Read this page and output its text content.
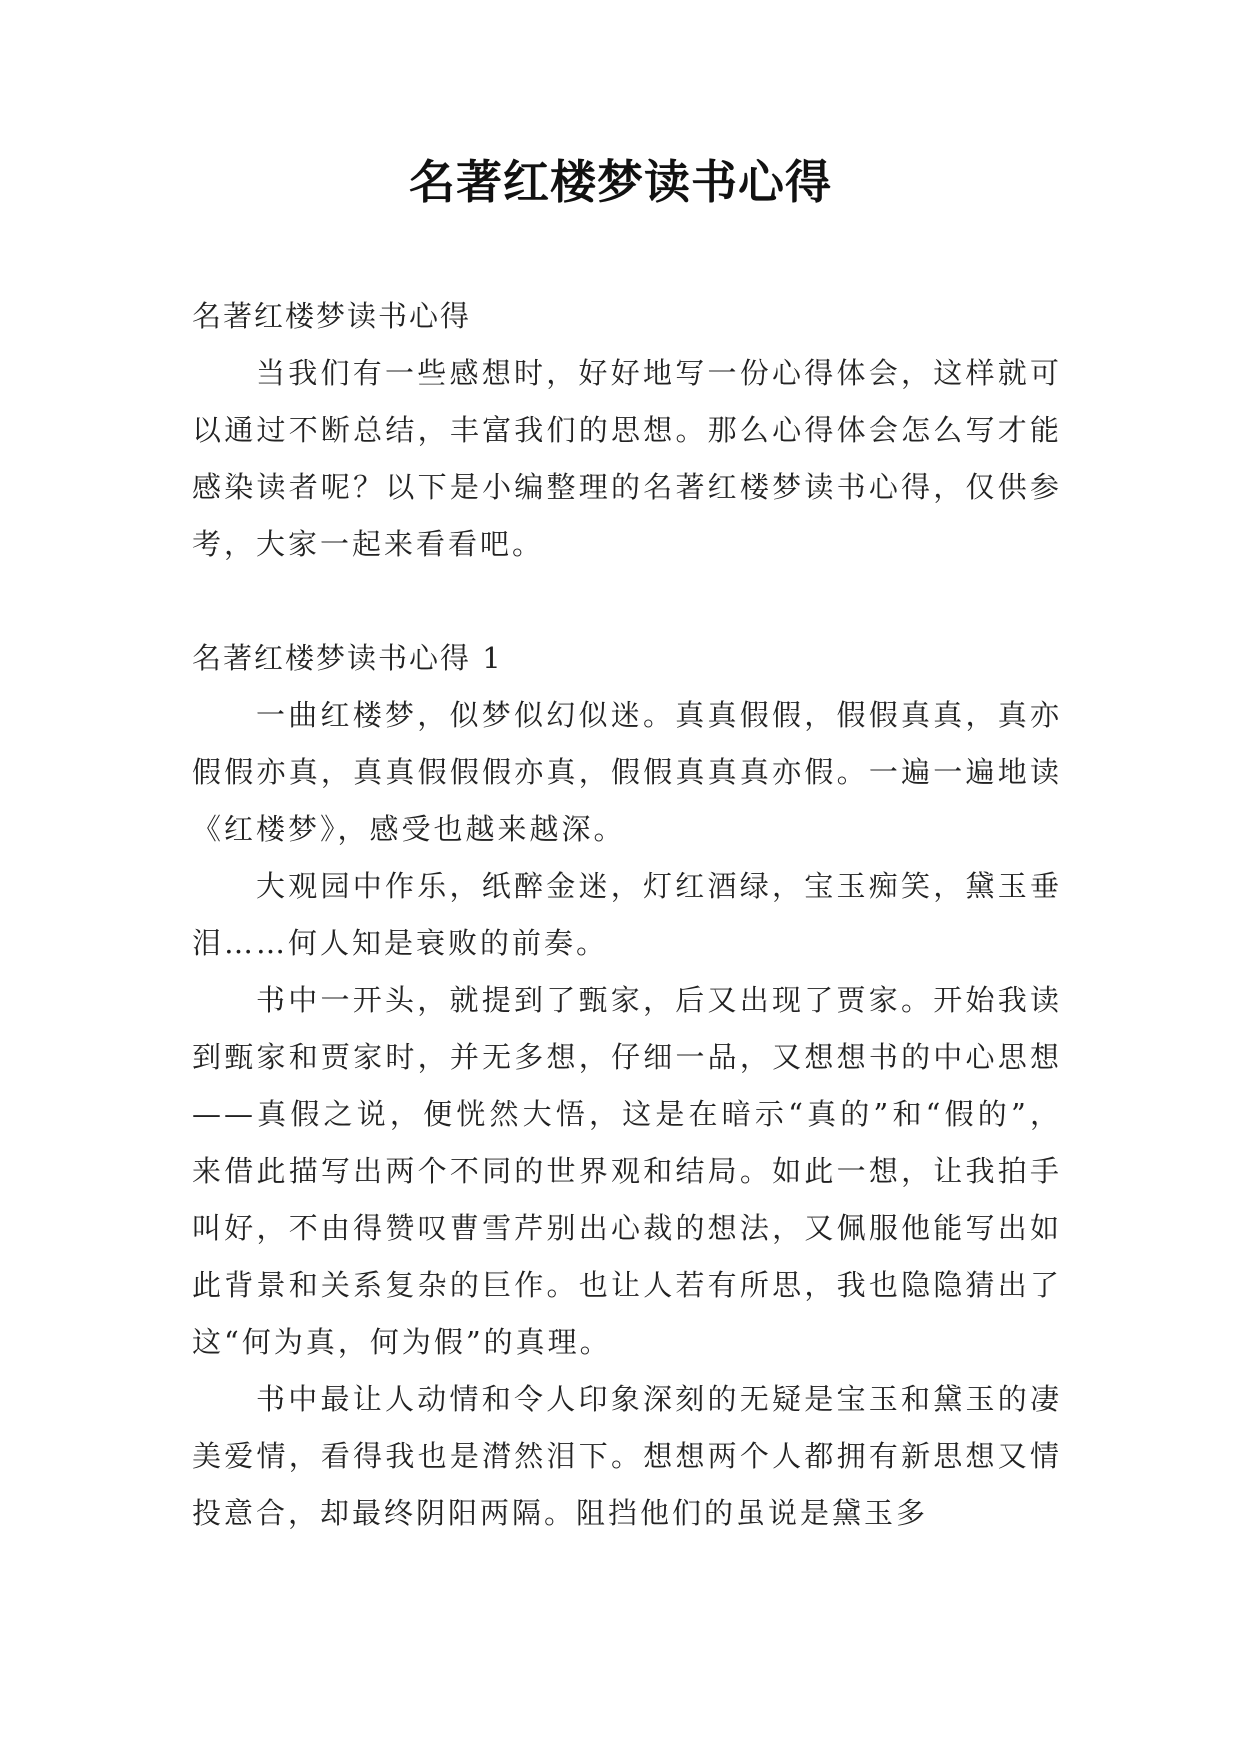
名著红楼梦读书心得

名著红楼梦读书心得

当我们有一些感想时，好好地写一份心得体会，这样就可以通过不断总结，丰富我们的思想。那么心得体会怎么写才能感染读者呢？以下是小编整理的名著红楼梦读书心得，仅供参考，大家一起来看看吧。

名著红楼梦读书心得 1

一曲红楼梦，似梦似幻似迷。真真假假，假假真真，真亦假假亦真，真真假假假亦真，假假真真真亦假。一遍一遍地读《红楼梦》，感受也越来越深。

大观园中作乐，纸醉金迷，灯红酒绿，宝玉痴笑，黛玉垂泪……何人知是衰败的前奏。

书中一开头，就提到了甄家，后又出现了贾家。开始我读到甄家和贾家时，并无多想，仔细一品，又想想书的中心思想——真假之说，便恍然大悟，这是在暗示“真的”和“假的”，来借此描写出两个不同的世界观和结局。如此一想，让我拍手叫好，不由得赞叹曹雪芹别出心裁的想法，又佩服他能写出如此背景和关系复杂的巨作。也让人若有所思，我也隐隐猜出了这“何为真，何为假”的真理。

书中最让人动情和令人印象深刻的无疑是宝玉和黛玉的凄美爱情，看得我也是潸然泪下。想想两个人都拥有新思想又情投意合，却最终阴阳两隔。阻挡他们的虽说是黛玉多
